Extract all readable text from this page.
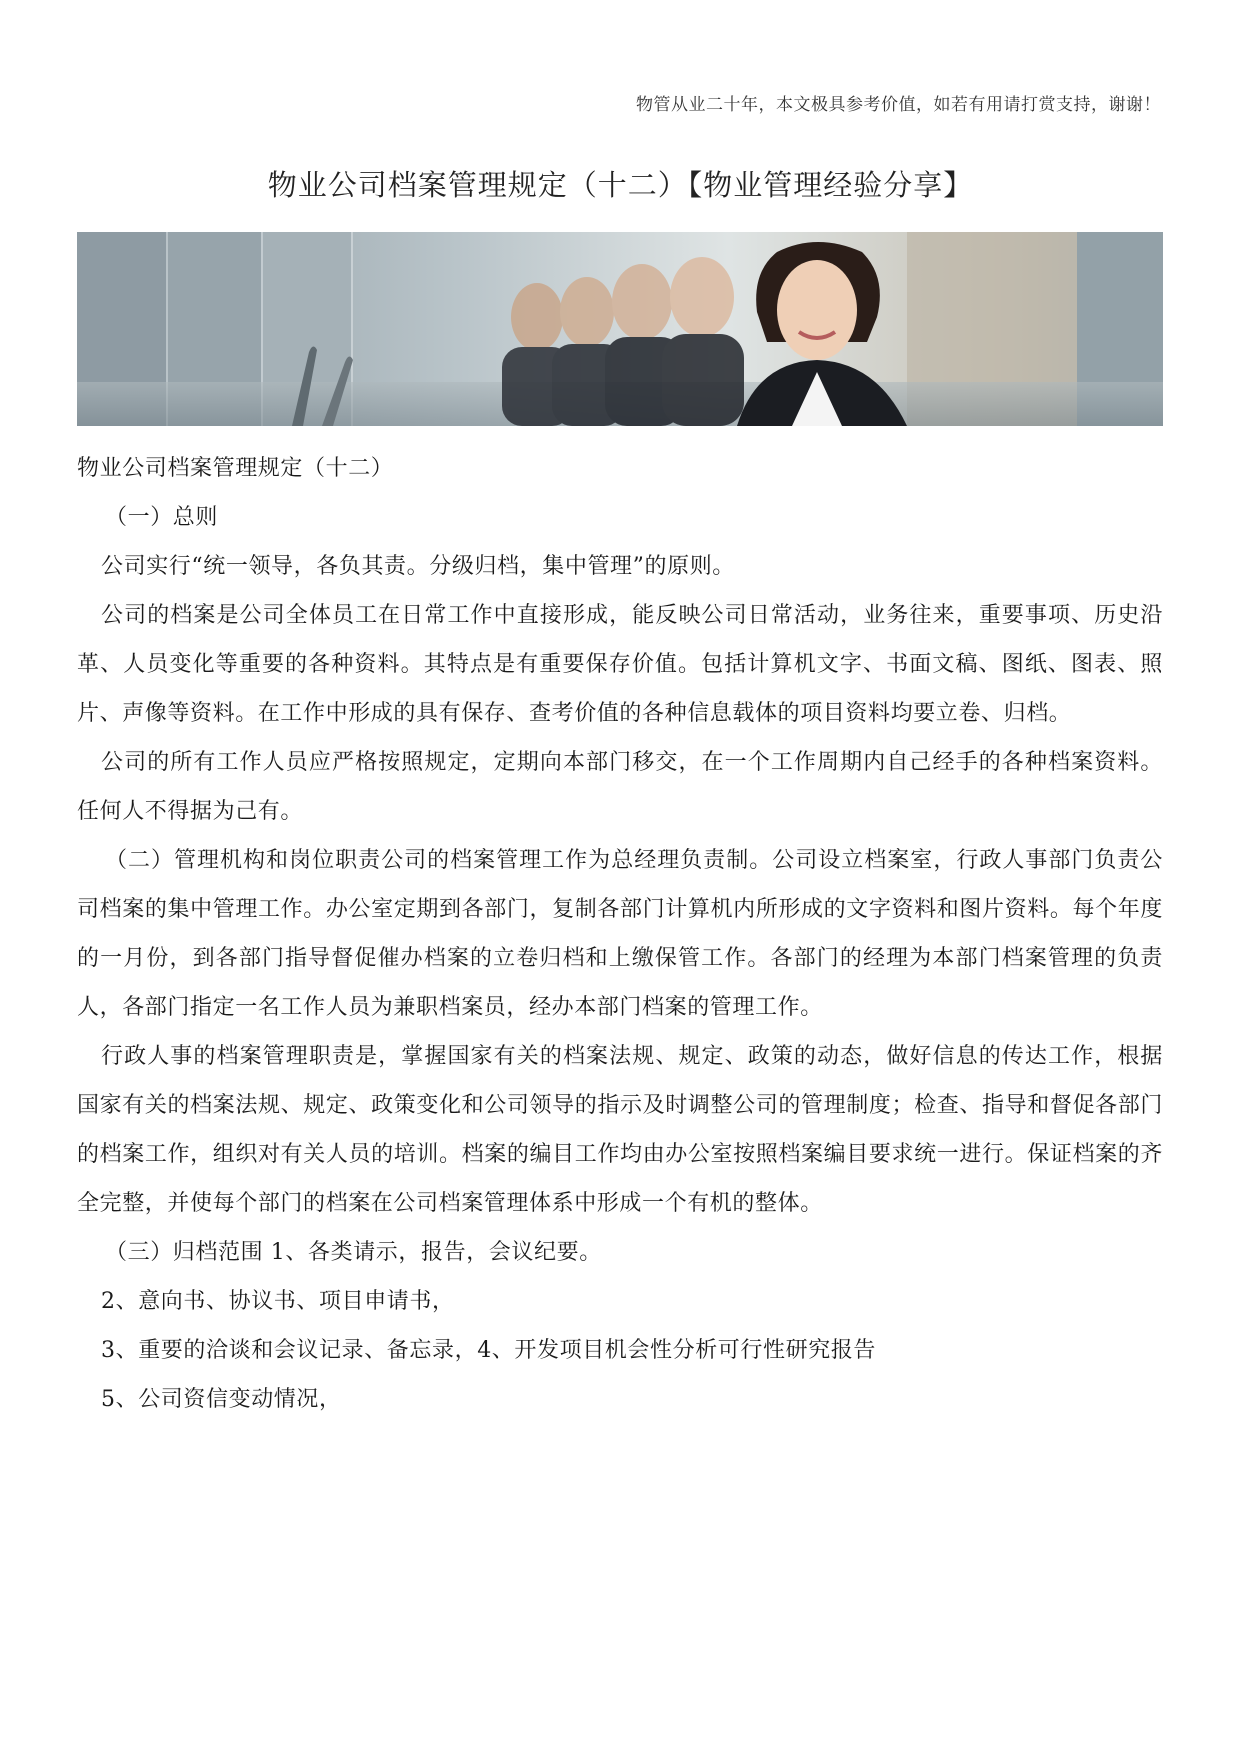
物管从业二十年，本文极具参考价值，如若有用请打赏支持，谢谢！
物业公司档案管理规定（十二）【物业管理经验分享】

物业公司档案管理规定（十二）

（一）总则

公司实行“统一领导，各负其责。分级归档，集中管理”的原则。

公司的档案是公司全体员工在日常工作中直接形成，能反映公司日常活动，业务往来，重要事项、历史沿革、人员变化等重要的各种资料。其特点是有重要保存价值。包括计算机文字、书面文稿、图纸、图表、照片、声像等资料。在工作中形成的具有保存、查考价值的各种信息载体的项目资料均要立卷、归档。

公司的所有工作人员应严格按照规定，定期向本部门移交，在一个工作周期内自己经手的各种档案资料。任何人不得据为己有。

（二）管理机构和岗位职责公司的档案管理工作为总经理负责制。公司设立档案室，行政人事部门负责公司档案的集中管理工作。办公室定期到各部门，复制各部门计算机内所形成的文字资料和图片资料。每个年度的一月份，到各部门指导督促催办档案的立卷归档和上缴保管工作。各部门的经理为本部门档案管理的负责人，各部门指定一名工作人员为兼职档案员，经办本部门档案的管理工作。

行政人事的档案管理职责是，掌握国家有关的档案法规、规定、政策的动态，做好信息的传达工作，根据国家有关的档案法规、规定、政策变化和公司领导的指示及时调整公司的管理制度；检查、指导和督促各部门的档案工作，组织对有关人员的培训。档案的编目工作均由办公室按照档案编目要求统一进行。保证档案的齐全完整，并使每个部门的档案在公司档案管理体系中形成一个有机的整体。

（三）归档范围 1、各类请示，报告，会议纪要。

2、意向书、协议书、项目申请书，

3、重要的洽谈和会议记录、备忘录，4、开发项目机会性分析可行性研究报告

5、公司资信变动情况，
